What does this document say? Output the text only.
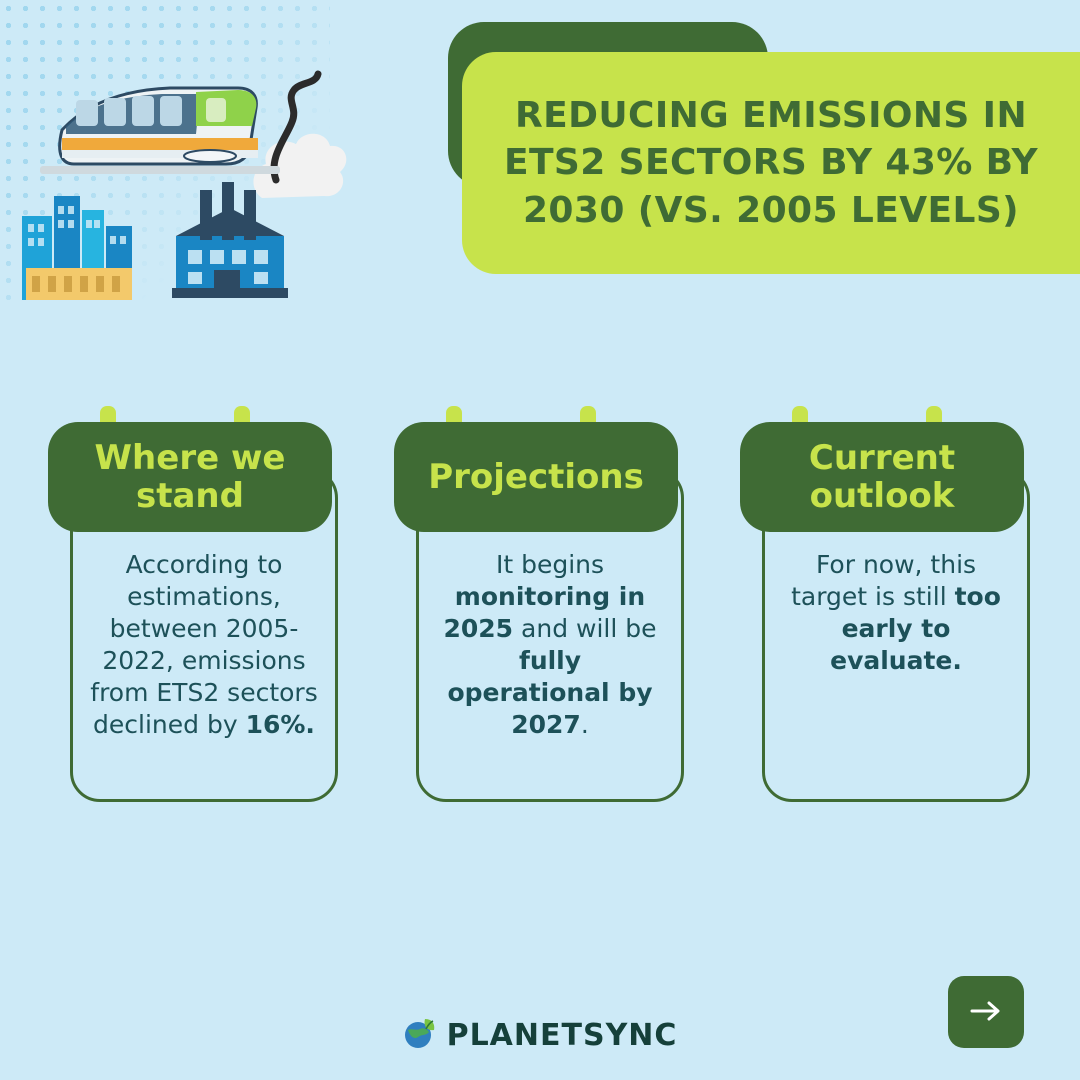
REDUCING EMISSIONS IN ETS2 SECTORS BY 43% BY 2030 (VS. 2005 LEVELS)
According to estimations, between 2005-2022, emissions from ETS2 sectors declined by 16%.
Where we stand
It begins monitoring in 2025 and will be fully operational by 2027.
Projections
For now, this target is still too early to evaluate.
Current outlook
PLANETSYNC
